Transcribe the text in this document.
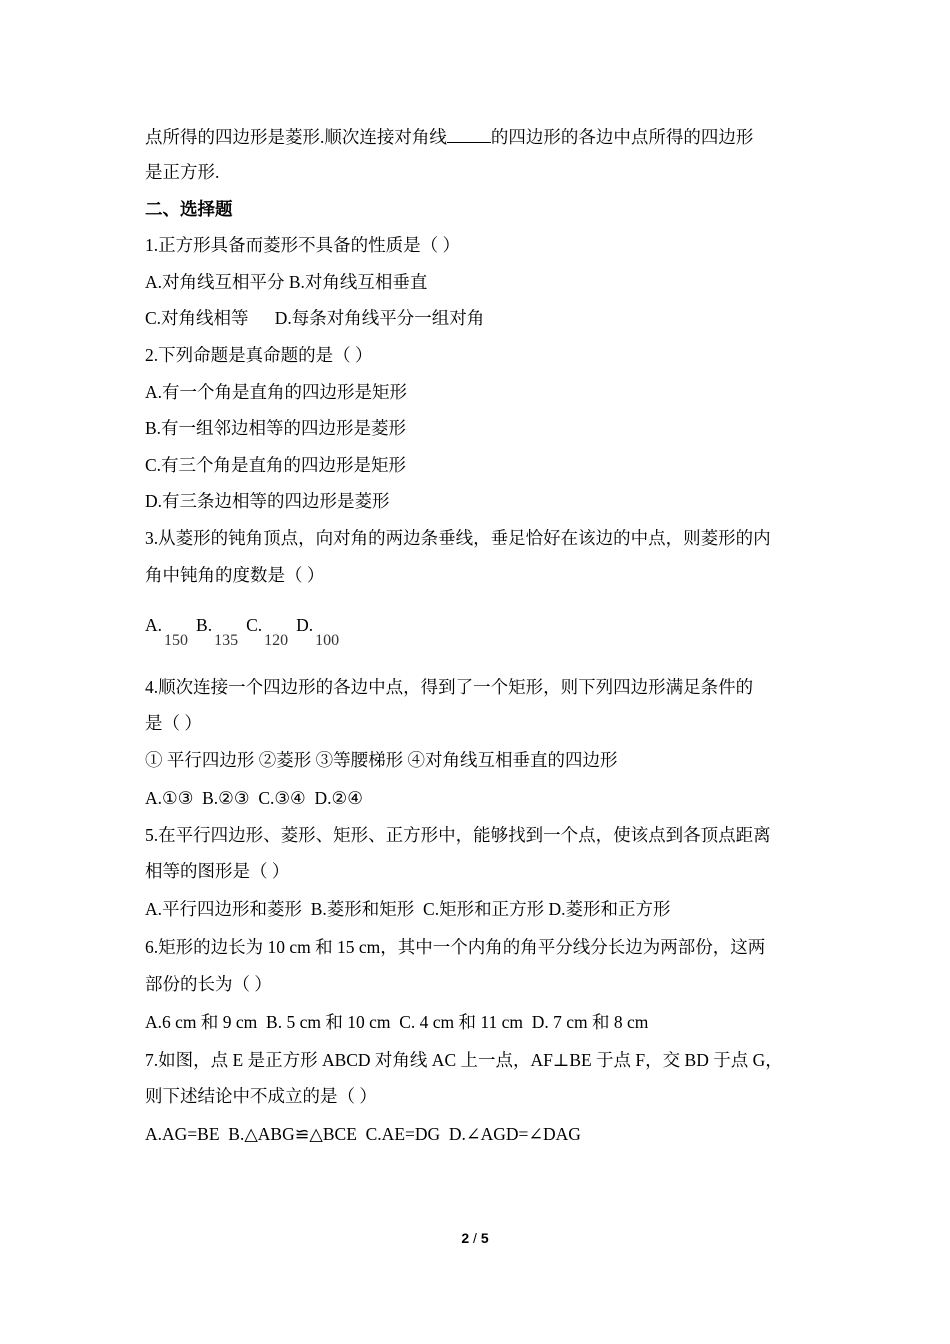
点所得的四边形是菱形.顺次连接对角线	的四边形的各边中点所得的四边形
是正方形.
二、选择题
1.正方形具备而菱形不具备的性质是（ ）
A.对角线互相平分 B.对角线互相垂直
C.对角线相等      D.每条对角线平分一组对角
2.下列命题是真命题的是（ ）
A.有一个角是直角的四边形是矩形
B.有一组邻边相等的四边形是菱形
C.有三个角是直角的四边形是矩形
D.有三条边相等的四边形是菱形
3.从菱形的钝角顶点，向对角的两边条垂线，垂足恰好在该边的中点，则菱形的内
角中钝角的度数是（ ）
A.150B.135C.120D.100
4.顺次连接一个四边形的各边中点，得到了一个矩形，则下列四边形满足条件的
是（ ）
① 平行四边形 ②菱形 ③等腰梯形 ④对角线互相垂直的四边形
A.①③  B.②③  C.③④  D.②④
5.在平行四边形、菱形、矩形、正方形中，能够找到一个点，使该点到各顶点距离
相等的图形是（ ）
A.平行四边形和菱形  B.菱形和矩形  C.矩形和正方形 D.菱形和正方形
6.矩形的边长为 10 cm 和 15 cm，其中一个内角的角平分线分长边为两部份，这两
部份的长为（ ）
A.6 cm 和 9 cm  B. 5 cm 和 10 cm  C. 4 cm 和 11 cm  D. 7 cm 和 8 cm
7.如图，点 E 是正方形 ABCD 对角线 AC 上一点，AF⊥BE 于点 F，交 BD 于点 G，
则下述结论中不成立的是（ ）
A.AG=BE  B.△ABG≌△BCE  C.AE=DG  D.∠AGD=∠DAG
2 / 5
